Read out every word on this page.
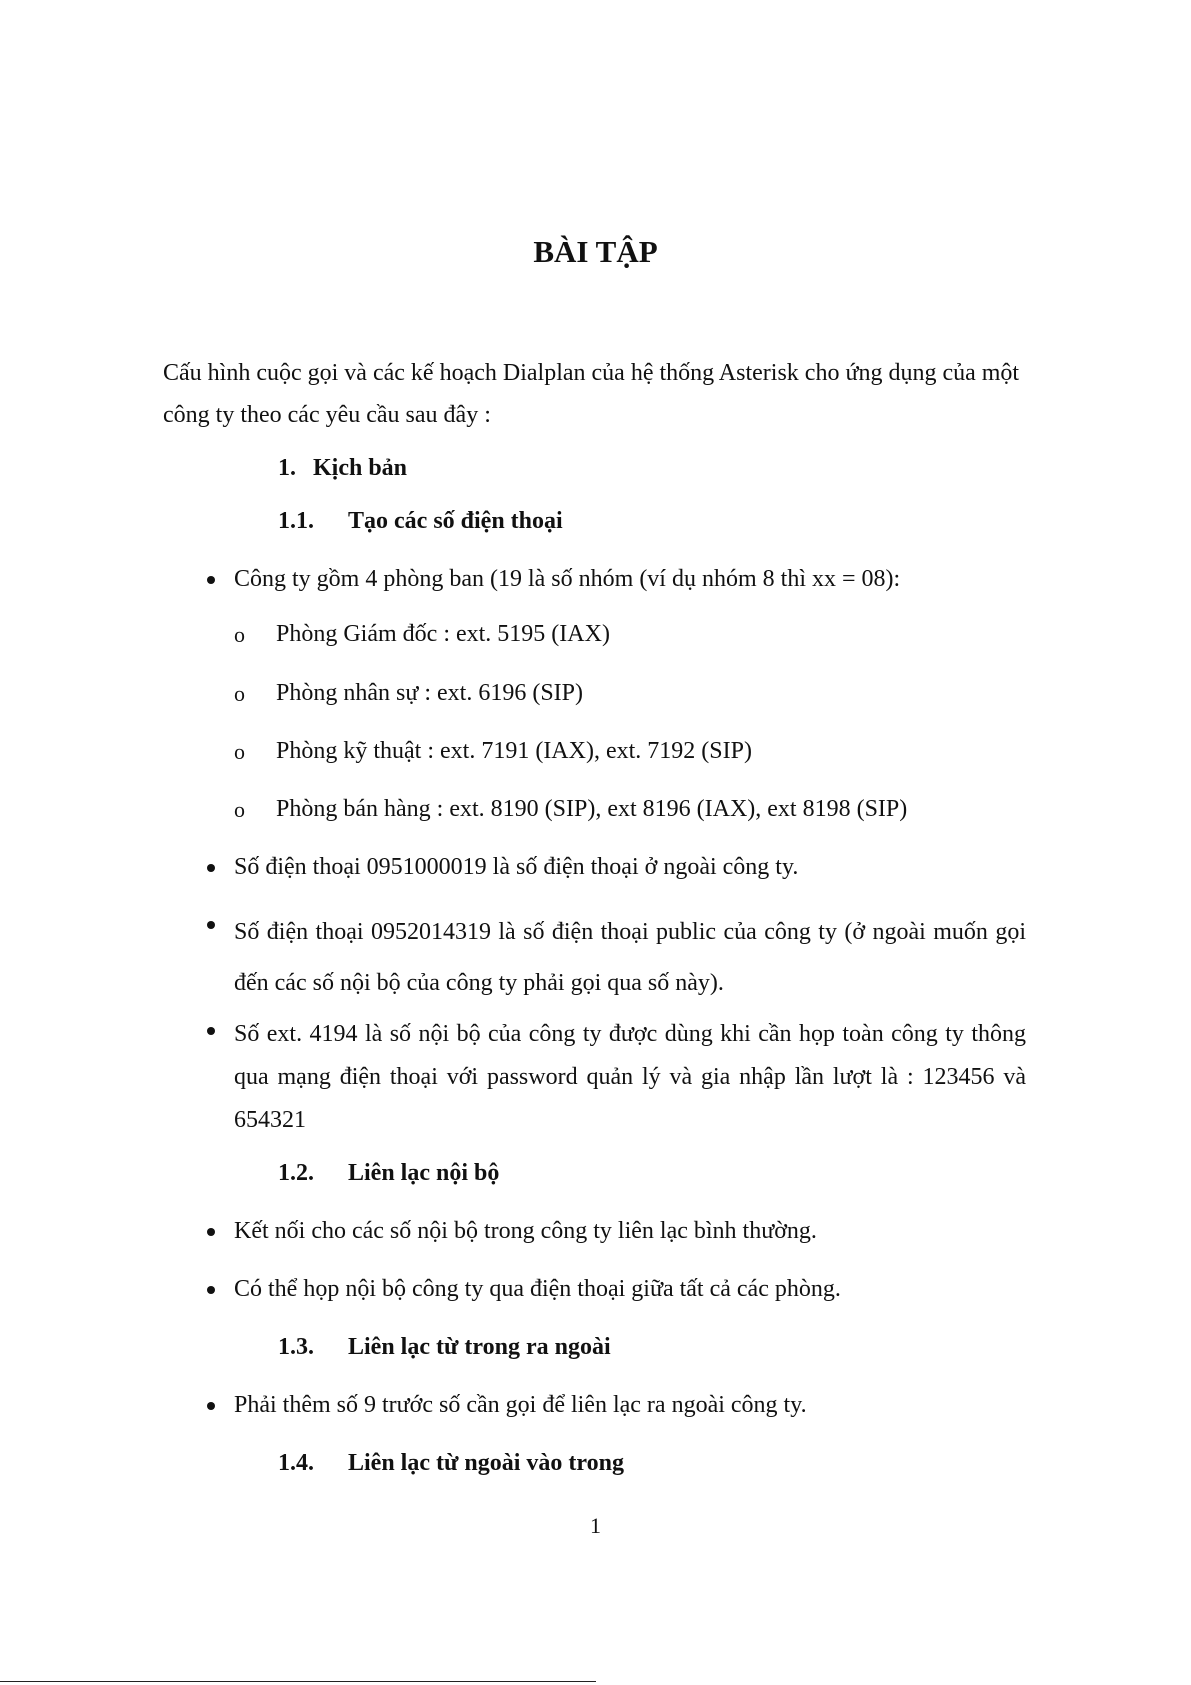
BÀI TẬP
Cấu hình cuộc gọi và các kế hoạch Dialplan của hệ thống Asterisk cho ứng dụng của một công ty theo các yêu cầu sau đây :
1. Kịch bản
1.1. Tạo các số điện thoại
Công ty gồm 4 phòng ban (19 là số nhóm (ví dụ nhóm 8 thì xx = 08):
o Phòng Giám đốc : ext. 5195 (IAX)
o Phòng nhân sự : ext. 6196 (SIP)
o Phòng kỹ thuật : ext. 7191 (IAX), ext. 7192 (SIP)
o Phòng bán hàng : ext. 8190 (SIP), ext 8196 (IAX), ext 8198 (SIP)
Số điện thoại 0951000019 là số điện thoại ở ngoài công ty.
Số điện thoại 0952014319 là số điện thoại public của công ty (ở ngoài muốn gọi đến các số nội bộ của công ty phải gọi qua số này).
Số ext. 4194 là số nội bộ của công ty được dùng khi cần họp toàn công ty thông qua mạng điện thoại với password quản lý và gia nhập lần lượt là : 123456 và 654321
1.2. Liên lạc nội bộ
Kết nối cho các số nội bộ trong công ty liên lạc bình thường.
Có thể họp nội bộ công ty qua điện thoại giữa tất cả các phòng.
1.3. Liên lạc từ trong ra ngoài
Phải thêm số 9 trước số cần gọi để liên lạc ra ngoài công ty.
1.4. Liên lạc từ ngoài vào trong
1
